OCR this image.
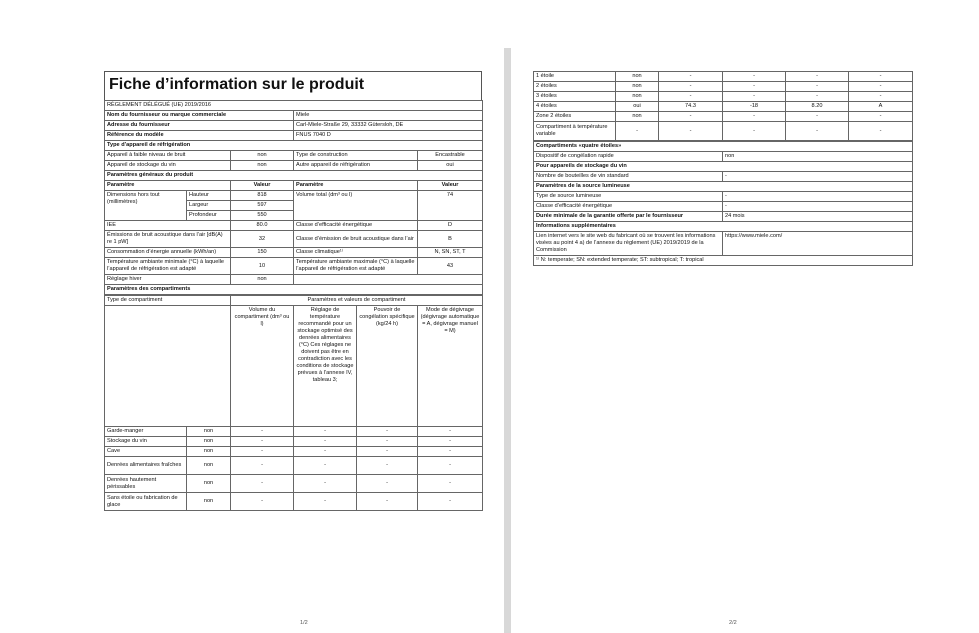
Fiche d’information sur le produit
RÈGLEMENT DÉLÉGUÉ (UE) 2019/2016				
Nom du fournisseur ou marque commerciale			Miele	
Adresse du fournisseur			Carl-Miele-Straße 29, 33332 Gütersloh, DE	
Référence du modèle			FNUS 7040 D	
Type d’appareil de réfrigération				
Appareil à faible niveau de bruit		non	Type de construction	Encastrable
Appareil de stockage du vin		non	Autre appareil de réfrigération	oui
Paramètres généraux du produit				
Paramètre		Valeur	Paramètre	Valeur
Dimensions hors tout (millimètres)	Hauteur	818	Volume total (dm³ ou l)	74
	Largeur	597		
	Profondeur	550		
IEE		80.0	Classe d’efficacité énergétique	D
Émissions de bruit acoustique dans l’air [dB(A) re 1 pW]		32	Classe d’émission de bruit acoustique dans l’air	B
Consommation d’énergie annuelle (kWh/an)		150	Classe climatique¹⁾	N, SN, ST, T
Température ambiante minimale (°C) à laquelle l’appareil de réfrigération est adapté		10	Température ambiante maximale (°C) à laquelle l’appareil de réfrigération est adapté	43
Réglage hiver		non		
Paramètres des compartiments				
Type de compartiment		Paramètres et valeurs de compartiment			
		Volume du compartiment (dm³ ou l)	Réglage de température recommandé pour un stockage optimisé des denrées alimentaires (°C) Ces réglages ne doivent pas être en contradiction avec les conditions de stockage prévues à l’annexe IV, tableau 3;	Pouvoir de congélation spécifique (kg/24 h)	Mode de dégivrage (dégivrage automatique = A, dégivrage manuel = M)
Garde-manger	non	-	-	-	-
Stockage du vin	non	-	-	-	-
Cave	non	-	-	-	-
Denrées alimentaires fraîches	non	-	-	-	-
Denrées hautement périssables	non	-	-	-	-
Sans étoile ou fabrication de glace	non	-	-	-	-
1/2
1 étoile	non	-	-	-	-
2 étoiles	non	-	-	-	-
3 étoiles	non	-	-	-	-
4 étoiles	oui	74.3	-18	8.20	A
Zone 2 étoiles	non	-	-	-	-
Compartiment à température variable	-	-	-	-	-
Compartiments «quatre étoiles»	
Dispositif de congélation rapide	non
Pour appareils de stockage du vin	
Nombre de bouteilles de vin standard	-
Paramètres de la source lumineuse	
Type de source lumineuse	-
Classe d’efficacité énergétique	-
Durée minimale de la garantie offerte par le fournisseur	24 mois
Informations supplémentaires	
Lien internet vers le site web du fabricant où se trouvent les informations visées au point 4 a) de l’annexe du règlement (UE) 2019/2019 de la Commission	https://www.miele.com/
¹⁾ N: temperate; SN: extended temperate; ST: subtropical; T: tropical	
2/2
